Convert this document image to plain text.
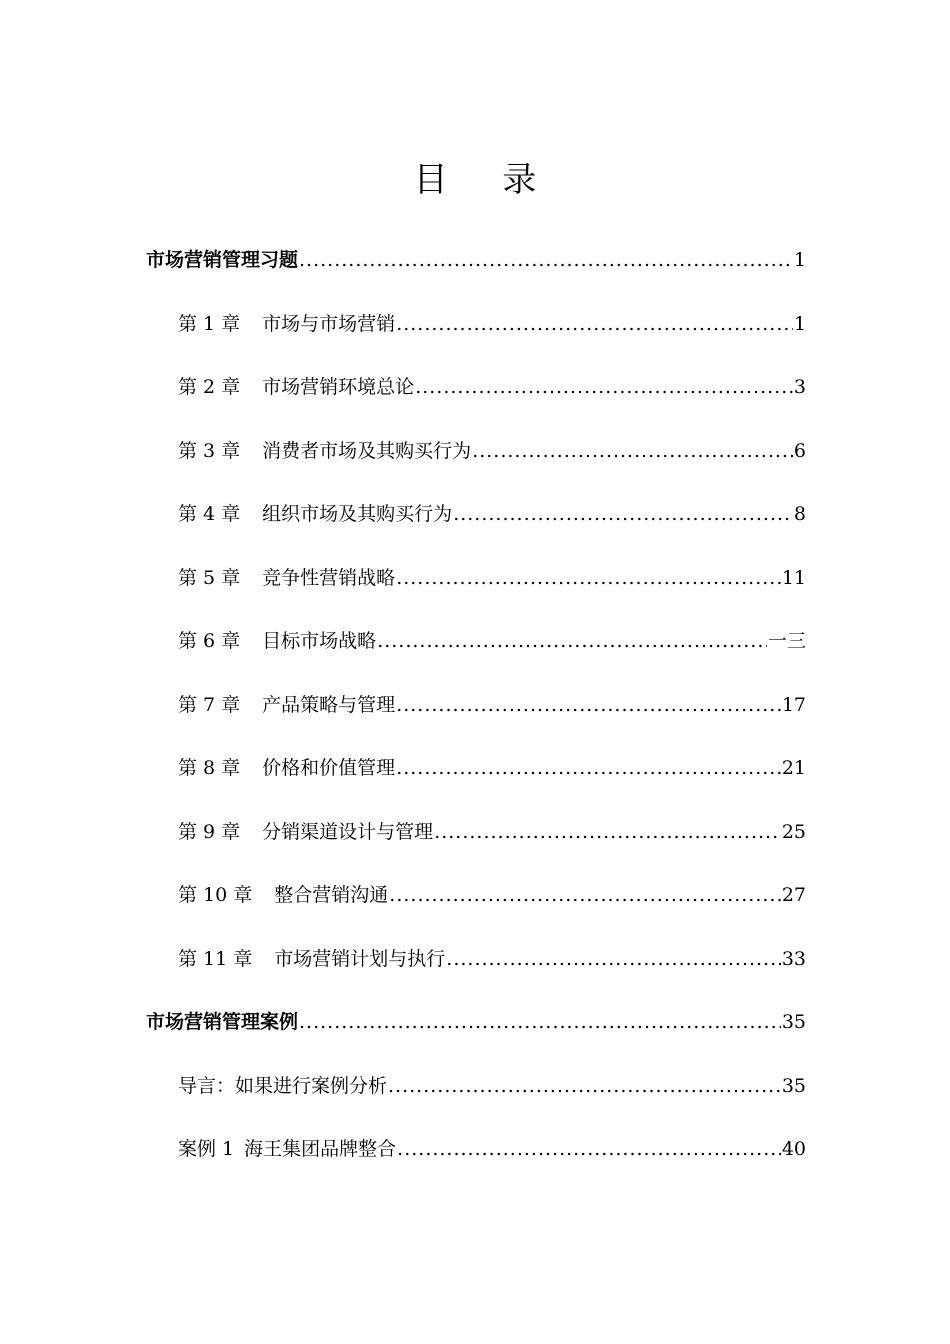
目 录
市场营销管理习题 .....	1
第 1 章 市场与市场营销 .....	1
第 2 章 市场营销环境总论 .....	3
第 3 章 消费者市场及其购买行为 .....	6
第 4 章 组织市场及其购买行为 .....	8
第 5 章 竞争性营销战略 .....	11
第 6 章 目标市场战略 .....	一三
第 7 章 产品策略与管理 .....	17
第 8 章 价格和价值管理 .....	21
第 9 章 分销渠道设计与管理 .....	25
第 10 章 整合营销沟通 .....	27
第 11 章 市场营销计划与执行 .....	33
市场营销管理案例 .....	35
导言：如果进行案例分析 .....	35
案例 1 海王集团品牌整合 .....	40
